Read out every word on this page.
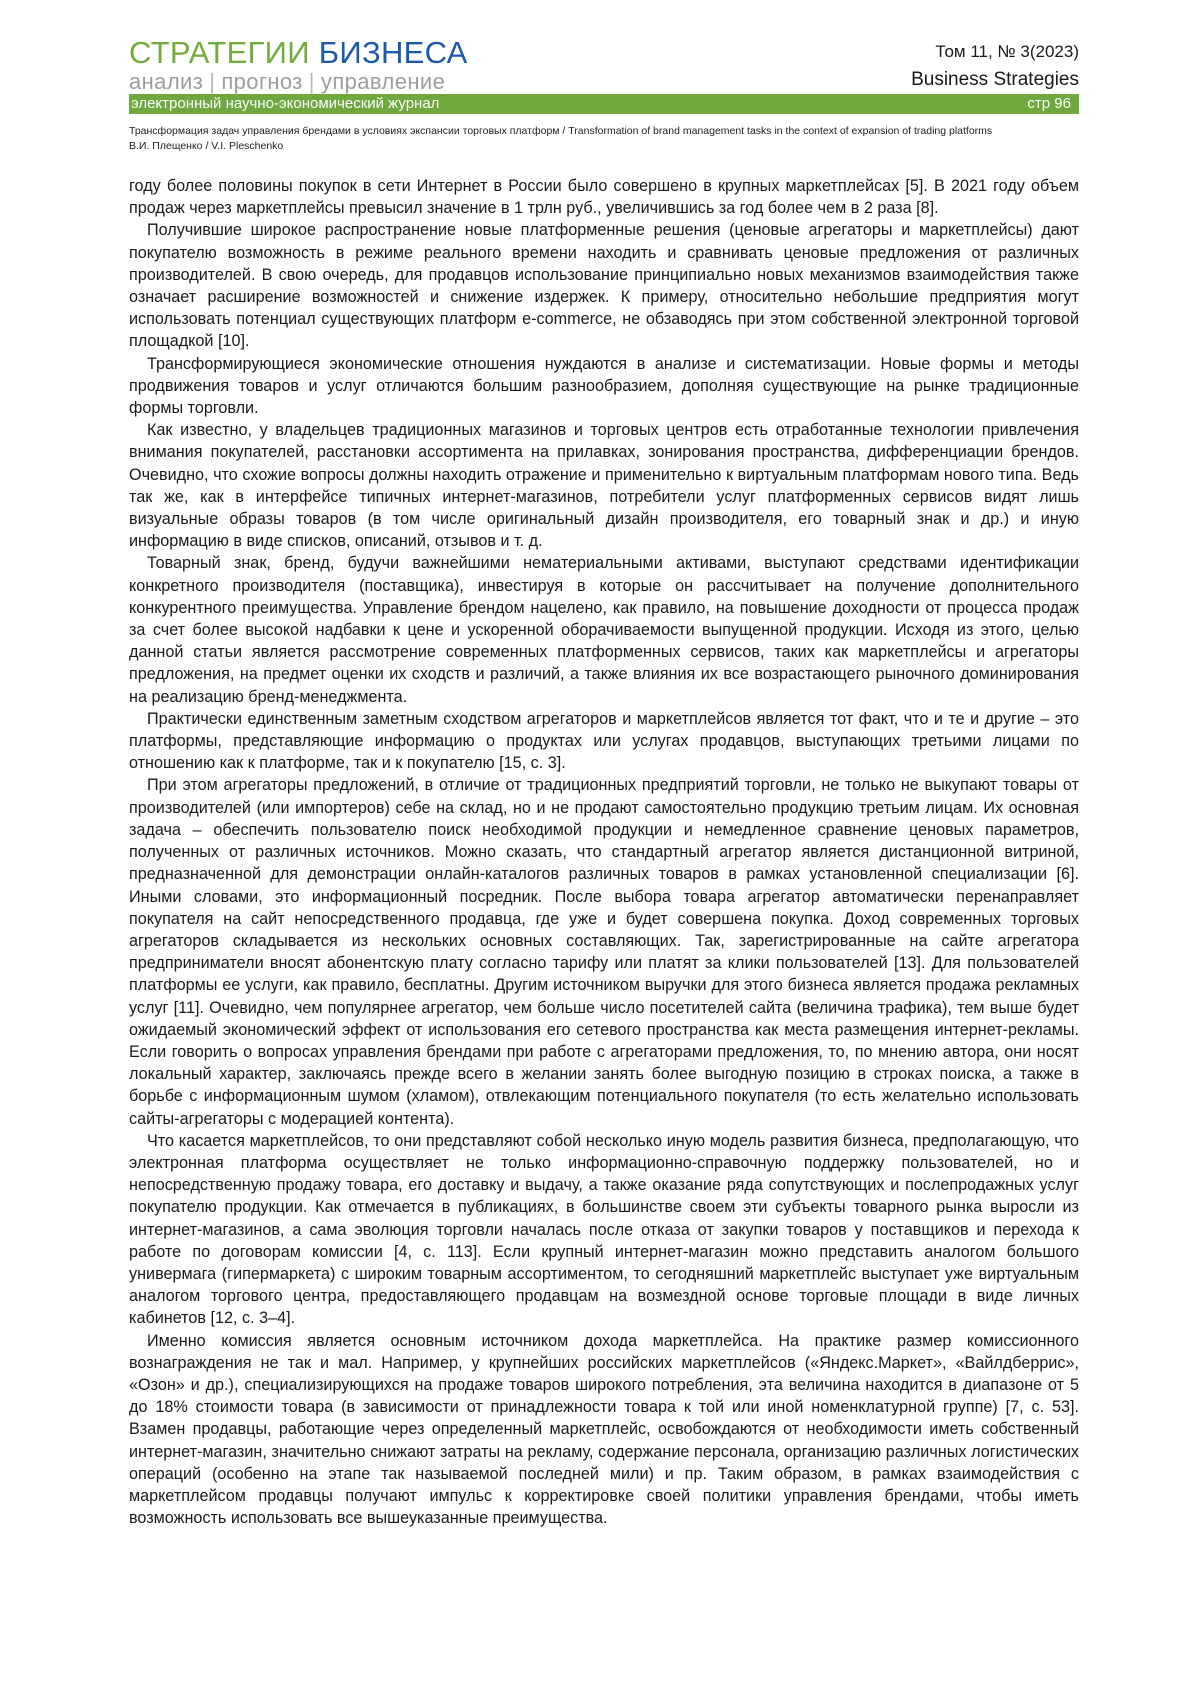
СТРАТЕГИИ БИЗНЕСА
анализ | прогноз | управление
Том 11, № 3(2023)
Business Strategies
электронный научно-экономический журнал	стр 96
Трансформация задач управления брендами в условиях экспансии торговых платформ / Transformation of brand management tasks in the context of expansion of trading platforms
В.И. Плещенко / V.I. Pleschenko

году более половины покупок в сети Интернет в России было совершено в крупных маркетплейсах [5]. В 2021 году объем продаж через маркетплейсы превысил значение в 1 трлн руб., увеличившись за год более чем в 2 раза [8].

Получившие широкое распространение новые платформенные решения (ценовые агрегаторы и маркетплейсы) дают покупателю возможность в режиме реального времени находить и сравнивать ценовые предложения от различных производителей. В свою очередь, для продавцов использование принципиально новых механизмов взаимодействия также означает расширение возможностей и снижение издержек. К примеру, относительно небольшие предприятия могут использовать потенциал существующих платформ e-commerce, не обзаводясь при этом собственной электронной торговой площадкой [10].

Трансформирующиеся экономические отношения нуждаются в анализе и систематизации. Новые формы и методы продвижения товаров и услуг отличаются большим разнообразием, дополняя существующие на рынке традиционные формы торговли.

Как известно, у владельцев традиционных магазинов и торговых центров есть отработанные технологии привлечения внимания покупателей, расстановки ассортимента на прилавках, зонирования пространства, дифференциации брендов. Очевидно, что схожие вопросы должны находить отражение и применительно к виртуальным платформам нового типа. Ведь так же, как в интерфейсе типичных интернет-магазинов, потребители услуг платформенных сервисов видят лишь визуальные образы товаров (в том числе оригинальный дизайн производителя, его товарный знак и др.) и иную информацию в виде списков, описаний, отзывов и т. д.

Товарный знак, бренд, будучи важнейшими нематериальными активами, выступают средствами идентификации конкретного производителя (поставщика), инвестируя в которые он рассчитывает на получение дополнительного конкурентного преимущества. Управление брендом нацелено, как правило, на повышение доходности от процесса продаж за счет более высокой надбавки к цене и ускоренной оборачиваемости выпущенной продукции. Исходя из этого, целью данной статьи является рассмотрение современных платформенных сервисов, таких как маркетплейсы и агрегаторы предложения, на предмет оценки их сходств и различий, а также влияния их все возрастающего рыночного доминирования на реализацию бренд-менеджмента.

Практически единственным заметным сходством агрегаторов и маркетплейсов является тот факт, что и те и другие – это платформы, представляющие информацию о продуктах или услугах продавцов, выступающих третьими лицами по отношению как к платформе, так и к покупателю [15, с. 3].

При этом агрегаторы предложений, в отличие от традиционных предприятий торговли, не только не выкупают товары от производителей (или импортеров) себе на склад, но и не продают самостоятельно продукцию третьим лицам. Их основная задача – обеспечить пользователю поиск необходимой продукции и немедленное сравнение ценовых параметров, полученных от различных источников. Можно сказать, что стандартный агрегатор является дистанционной витриной, предназначенной для демонстрации онлайн-каталогов различных товаров в рамках установленной специализации [6]. Иными словами, это информационный посредник. После выбора товара агрегатор автоматически перенаправляет покупателя на сайт непосредственного продавца, где уже и будет совершена покупка. Доход современных торговых агрегаторов складывается из нескольких основных составляющих. Так, зарегистрированные на сайте агрегатора предприниматели вносят абонентскую плату согласно тарифу или платят за клики пользователей [13]. Для пользователей платформы ее услуги, как правило, бесплатны. Другим источником выручки для этого бизнеса является продажа рекламных услуг [11]. Очевидно, чем популярнее агрегатор, чем больше число посетителей сайта (величина трафика), тем выше будет ожидаемый экономический эффект от использования его сетевого пространства как места размещения интернет-рекламы. Если говорить о вопросах управления брендами при работе с агрегаторами предложения, то, по мнению автора, они носят локальный характер, заключаясь прежде всего в желании занять более выгодную позицию в строках поиска, а также в борьбе с информационным шумом (хламом), отвлекающим потенциального покупателя (то есть желательно использовать сайты-агрегаторы с модерацией контента).

Что касается маркетплейсов, то они представляют собой несколько иную модель развития бизнеса, предполагающую, что электронная платформа осуществляет не только информационно-справочную поддержку пользователей, но и непосредственную продажу товара, его доставку и выдачу, а также оказание ряда сопутствующих и послепродажных услуг покупателю продукции. Как отмечается в публикациях, в большинстве своем эти субъекты товарного рынка выросли из интернет-магазинов, а сама эволюция торговли началась после отказа от закупки товаров у поставщиков и перехода к работе по договорам комиссии [4, с. 113]. Если крупный интернет-магазин можно представить аналогом большого универмага (гипермаркета) с широким товарным ассортиментом, то сегодняшний маркетплейс выступает уже виртуальным аналогом торгового центра, предоставляющего продавцам на возмездной основе торговые площади в виде личных кабинетов [12, с. 3–4].

Именно комиссия является основным источником дохода маркетплейса. На практике размер комиссионного вознаграждения не так и мал. Например, у крупнейших российских маркетплейсов («Яндекс.Маркет», «Вайлдберрис», «Озон» и др.), специализирующихся на продаже товаров широкого потребления, эта величина находится в диапазоне от 5 до 18% стоимости товара (в зависимости от принадлежности товара к той или иной номенклатурной группе) [7, с. 53]. Взамен продавцы, работающие через определенный маркетплейс, освобождаются от необходимости иметь собственный интернет-магазин, значительно снижают затраты на рекламу, содержание персонала, организацию различных логистических операций (особенно на этапе так называемой последней мили) и пр. Таким образом, в рамках взаимодействия с маркетплейсом продавцы получают импульс к корректировке своей политики управления брендами, чтобы иметь возможность использовать все вышеуказанные преимущества.
